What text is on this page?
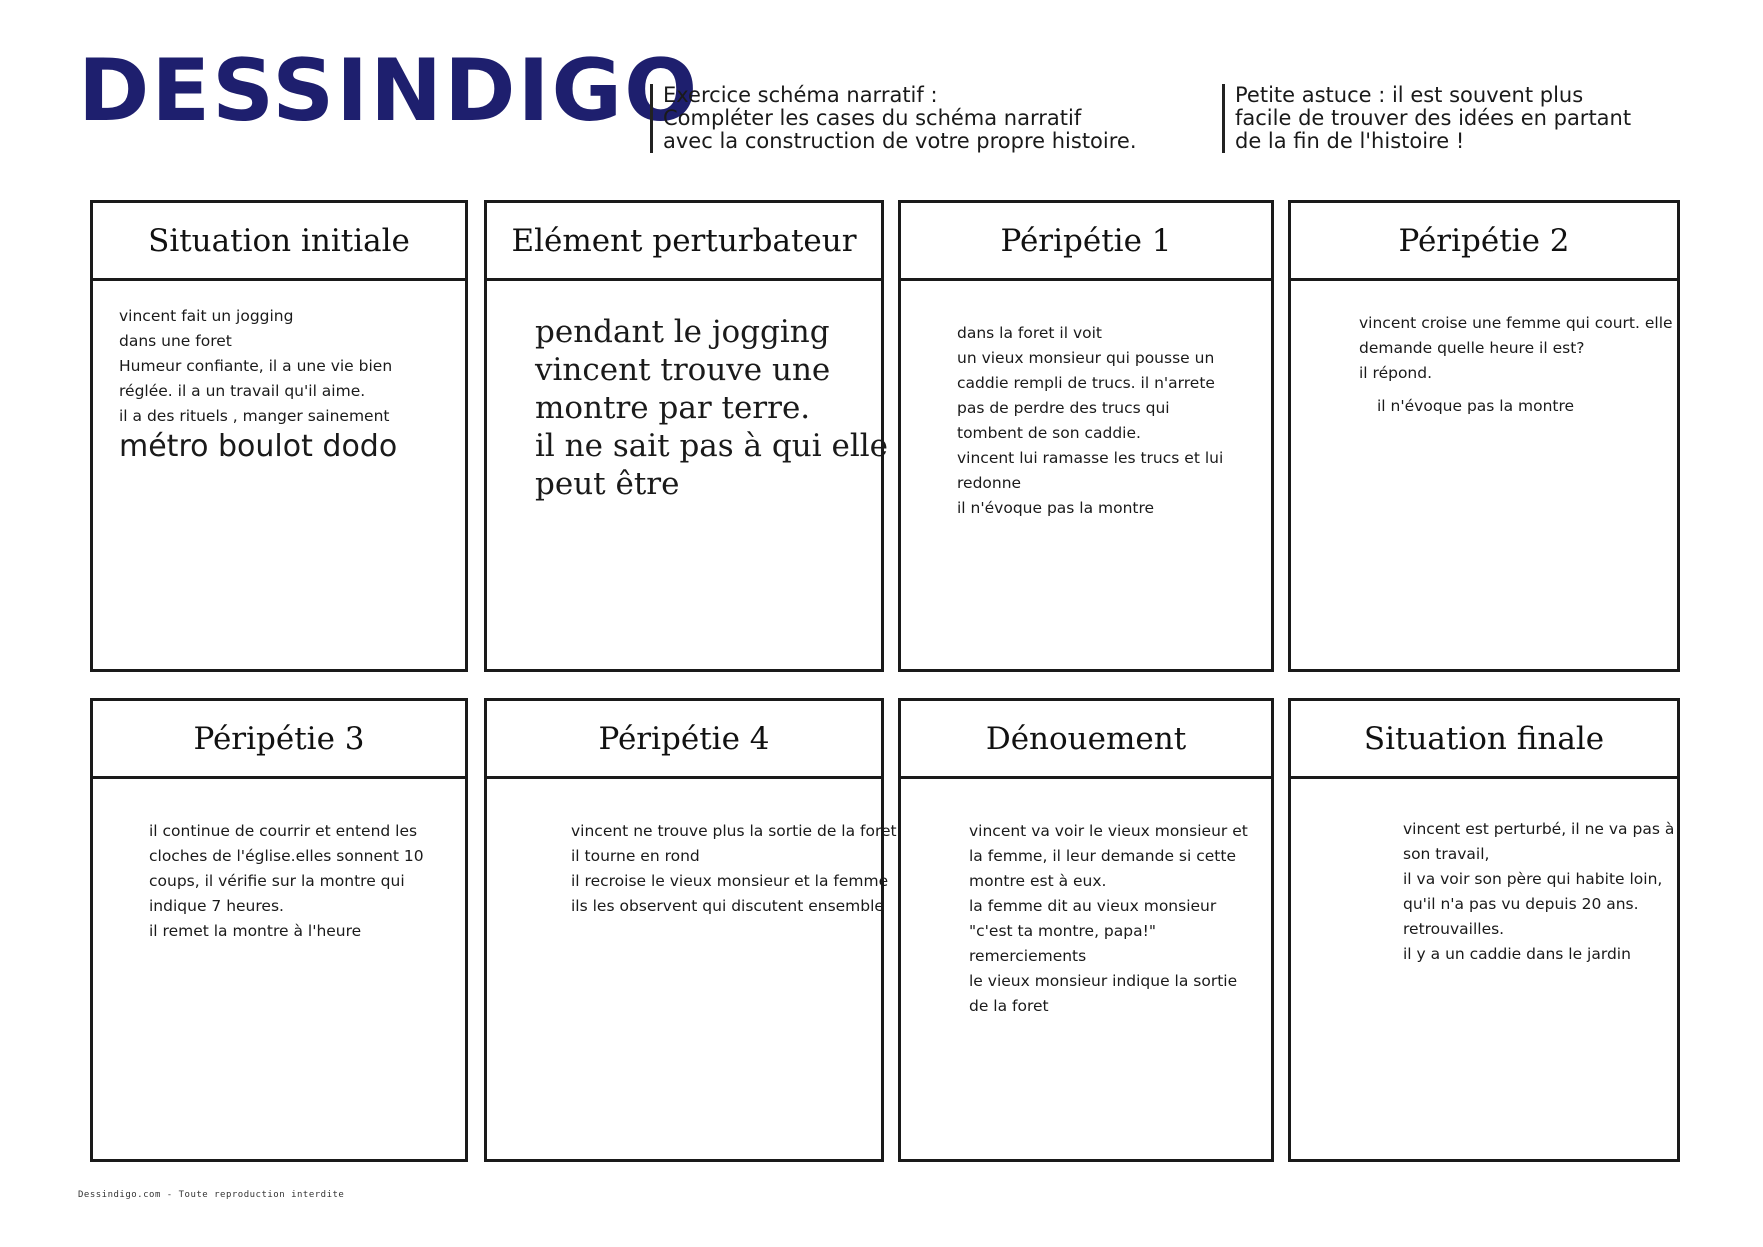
DESSINDIGO
Exercice schéma narratif :
Compléter les cases du schéma narratif
avec la construction de votre propre histoire.
Petite astuce : il est souvent plus
facile de trouver des idées en partant
de la fin de l'histoire !
Situation initiale
vincent fait un jogging
dans une foret
Humeur confiante, il a une vie bien
réglée. il a un travail qu'il aime.
il a des rituels , manger sainement
métro boulot dodo
Elément perturbateur
pendant le jogging
vincent trouve une
montre par terre.
il ne sait pas à qui elle
peut être
Péripétie 1
dans la foret il voit
un vieux monsieur qui pousse un
caddie rempli de trucs. il n'arrete
pas de perdre des trucs qui
tombent de son caddie.
vincent lui ramasse les trucs et lui
redonne
il n'évoque pas la montre
Péripétie 2
vincent croise une femme qui court. elle
demande quelle heure il est?
il répond.
il n'évoque pas la montre
Péripétie 3
il continue de courrir et entend les
cloches de l'église.elles sonnent 10
coups, il vérifie sur la montre qui
indique 7 heures.
il remet la montre à l'heure
Péripétie 4
vincent ne trouve plus la sortie de la foret
il tourne en rond
il recroise le vieux monsieur et la femme
ils les observent qui discutent ensemble
Dénouement
vincent va voir le vieux monsieur et
la femme, il leur demande si cette
montre est à eux.
la femme dit au vieux monsieur
"c'est ta montre, papa!"
remerciements
le vieux monsieur indique la sortie
de la foret
Situation finale
vincent est perturbé, il ne va pas à
son travail,
il va voir son père qui habite loin,
qu'il n'a pas vu depuis 20 ans.
retrouvailles.
il y a un caddie dans le jardin
Dessindigo.com - Toute reproduction interdite
